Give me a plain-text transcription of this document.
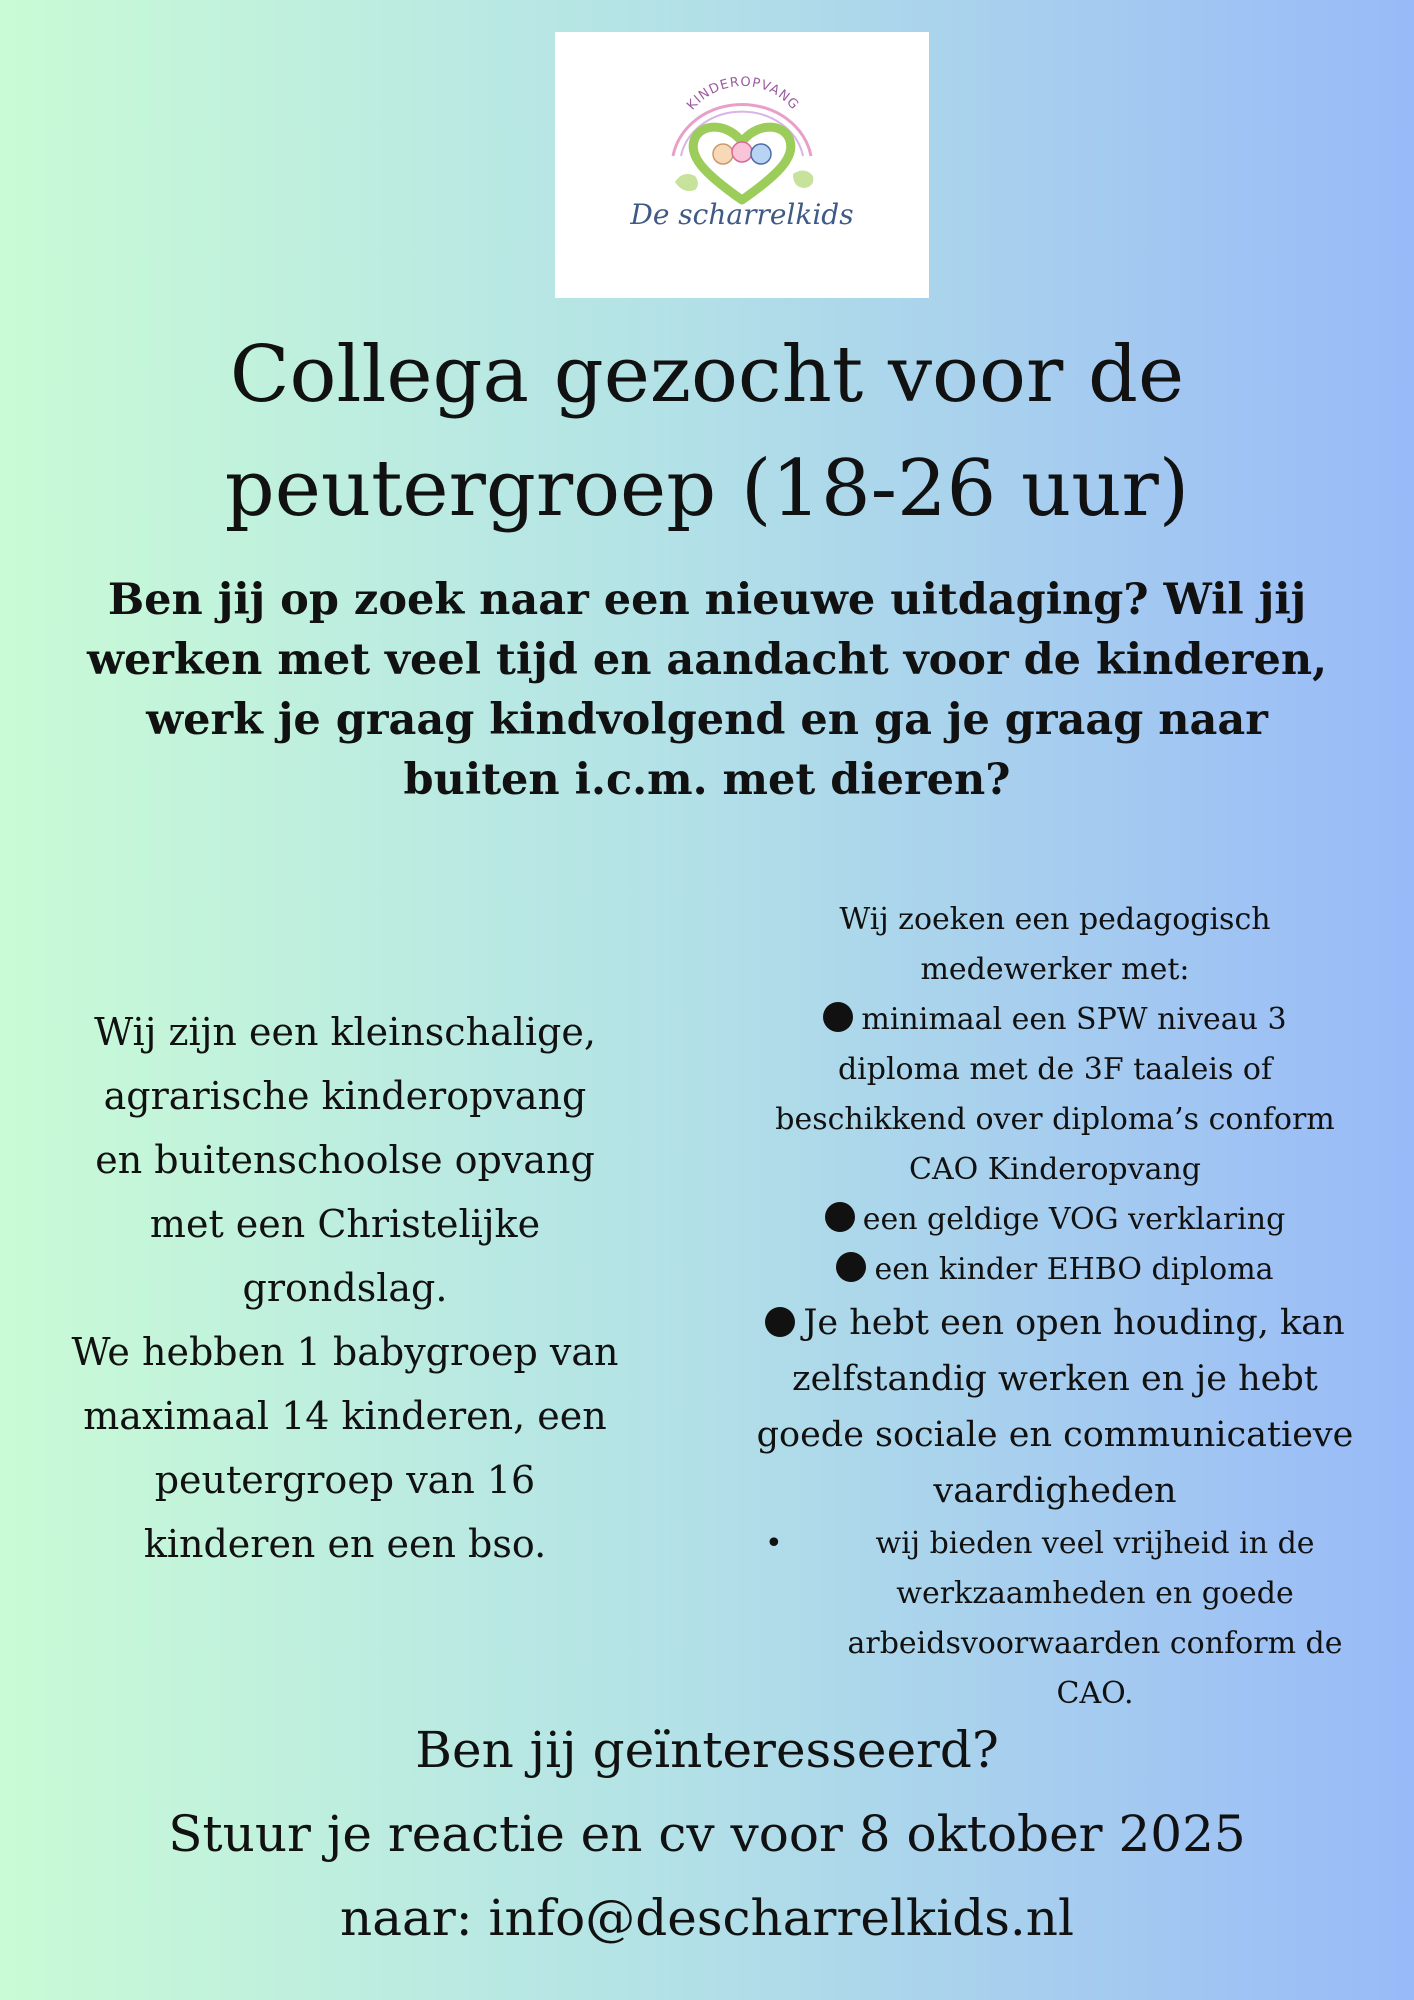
KINDEROPVANG
De scharrelkids
Collega gezocht voor de
peutergroep (18-26 uur)

Ben jij op zoek naar een nieuwe uitdaging? Wil jij
werken met veel tijd en aandacht voor de kinderen,
werk je graag kindvolgend en ga je graag naar
buiten i.c.m. met dieren?

Wij zijn een kleinschalige,
agrarische kinderopvang
en buitenschoolse opvang
met een Christelijke
grondslag.
We hebben 1 babygroep van
maximaal 14 kinderen, een
peutergroep van 16
kinderen en een bso.

Wij zoeken een pedagogisch
medewerker met:

minimaal een SPW niveau 3
diploma met de 3F taaleis of
beschikkend over diploma’s conform
CAO Kinderopvang

een geldige VOG verklaring

een kinder EHBO diploma

Je hebt een open houding, kan
zelfstandig werken en je hebt
goede sociale en communicatieve
vaardigheden

•	wij bieden veel vrijheid in de
werkzaamheden en goede
arbeidsvoorwaarden conform de
CAO.

Ben jij geïnteresseerd?

Stuur je reactie en cv voor 8 oktober 2025

naar: info@descharrelkids.nl
